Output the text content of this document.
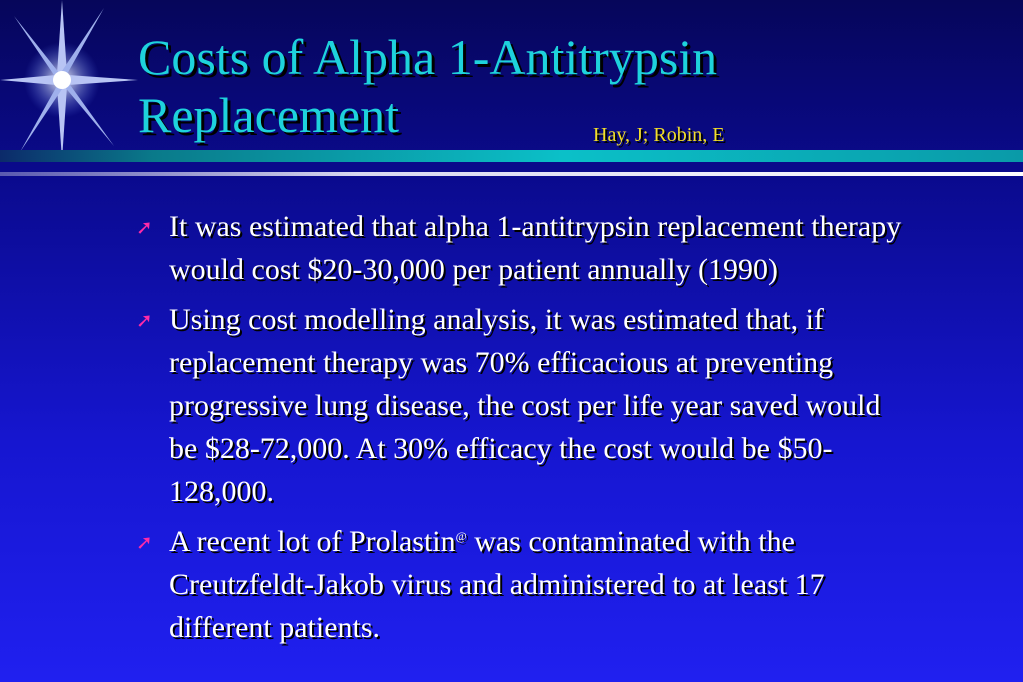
Costs of Alpha 1-Antitrypsin
Replacement	Hay, J; Robin, E
➚ It was estimated that alpha 1-antitrypsin replacement therapy would cost $20-30,000 per patient annually (1990)
➚ Using cost modelling analysis, it was estimated that, if replacement therapy was 70% efficacious at preventing progressive lung disease, the cost per life year saved would be $28-72,000. At 30% efficacy the cost would be $50-128,000.
➚ A recent lot of Prolastin@ was contaminated with the Creutzfeldt-Jakob virus and administered to at least 17 different patients.
